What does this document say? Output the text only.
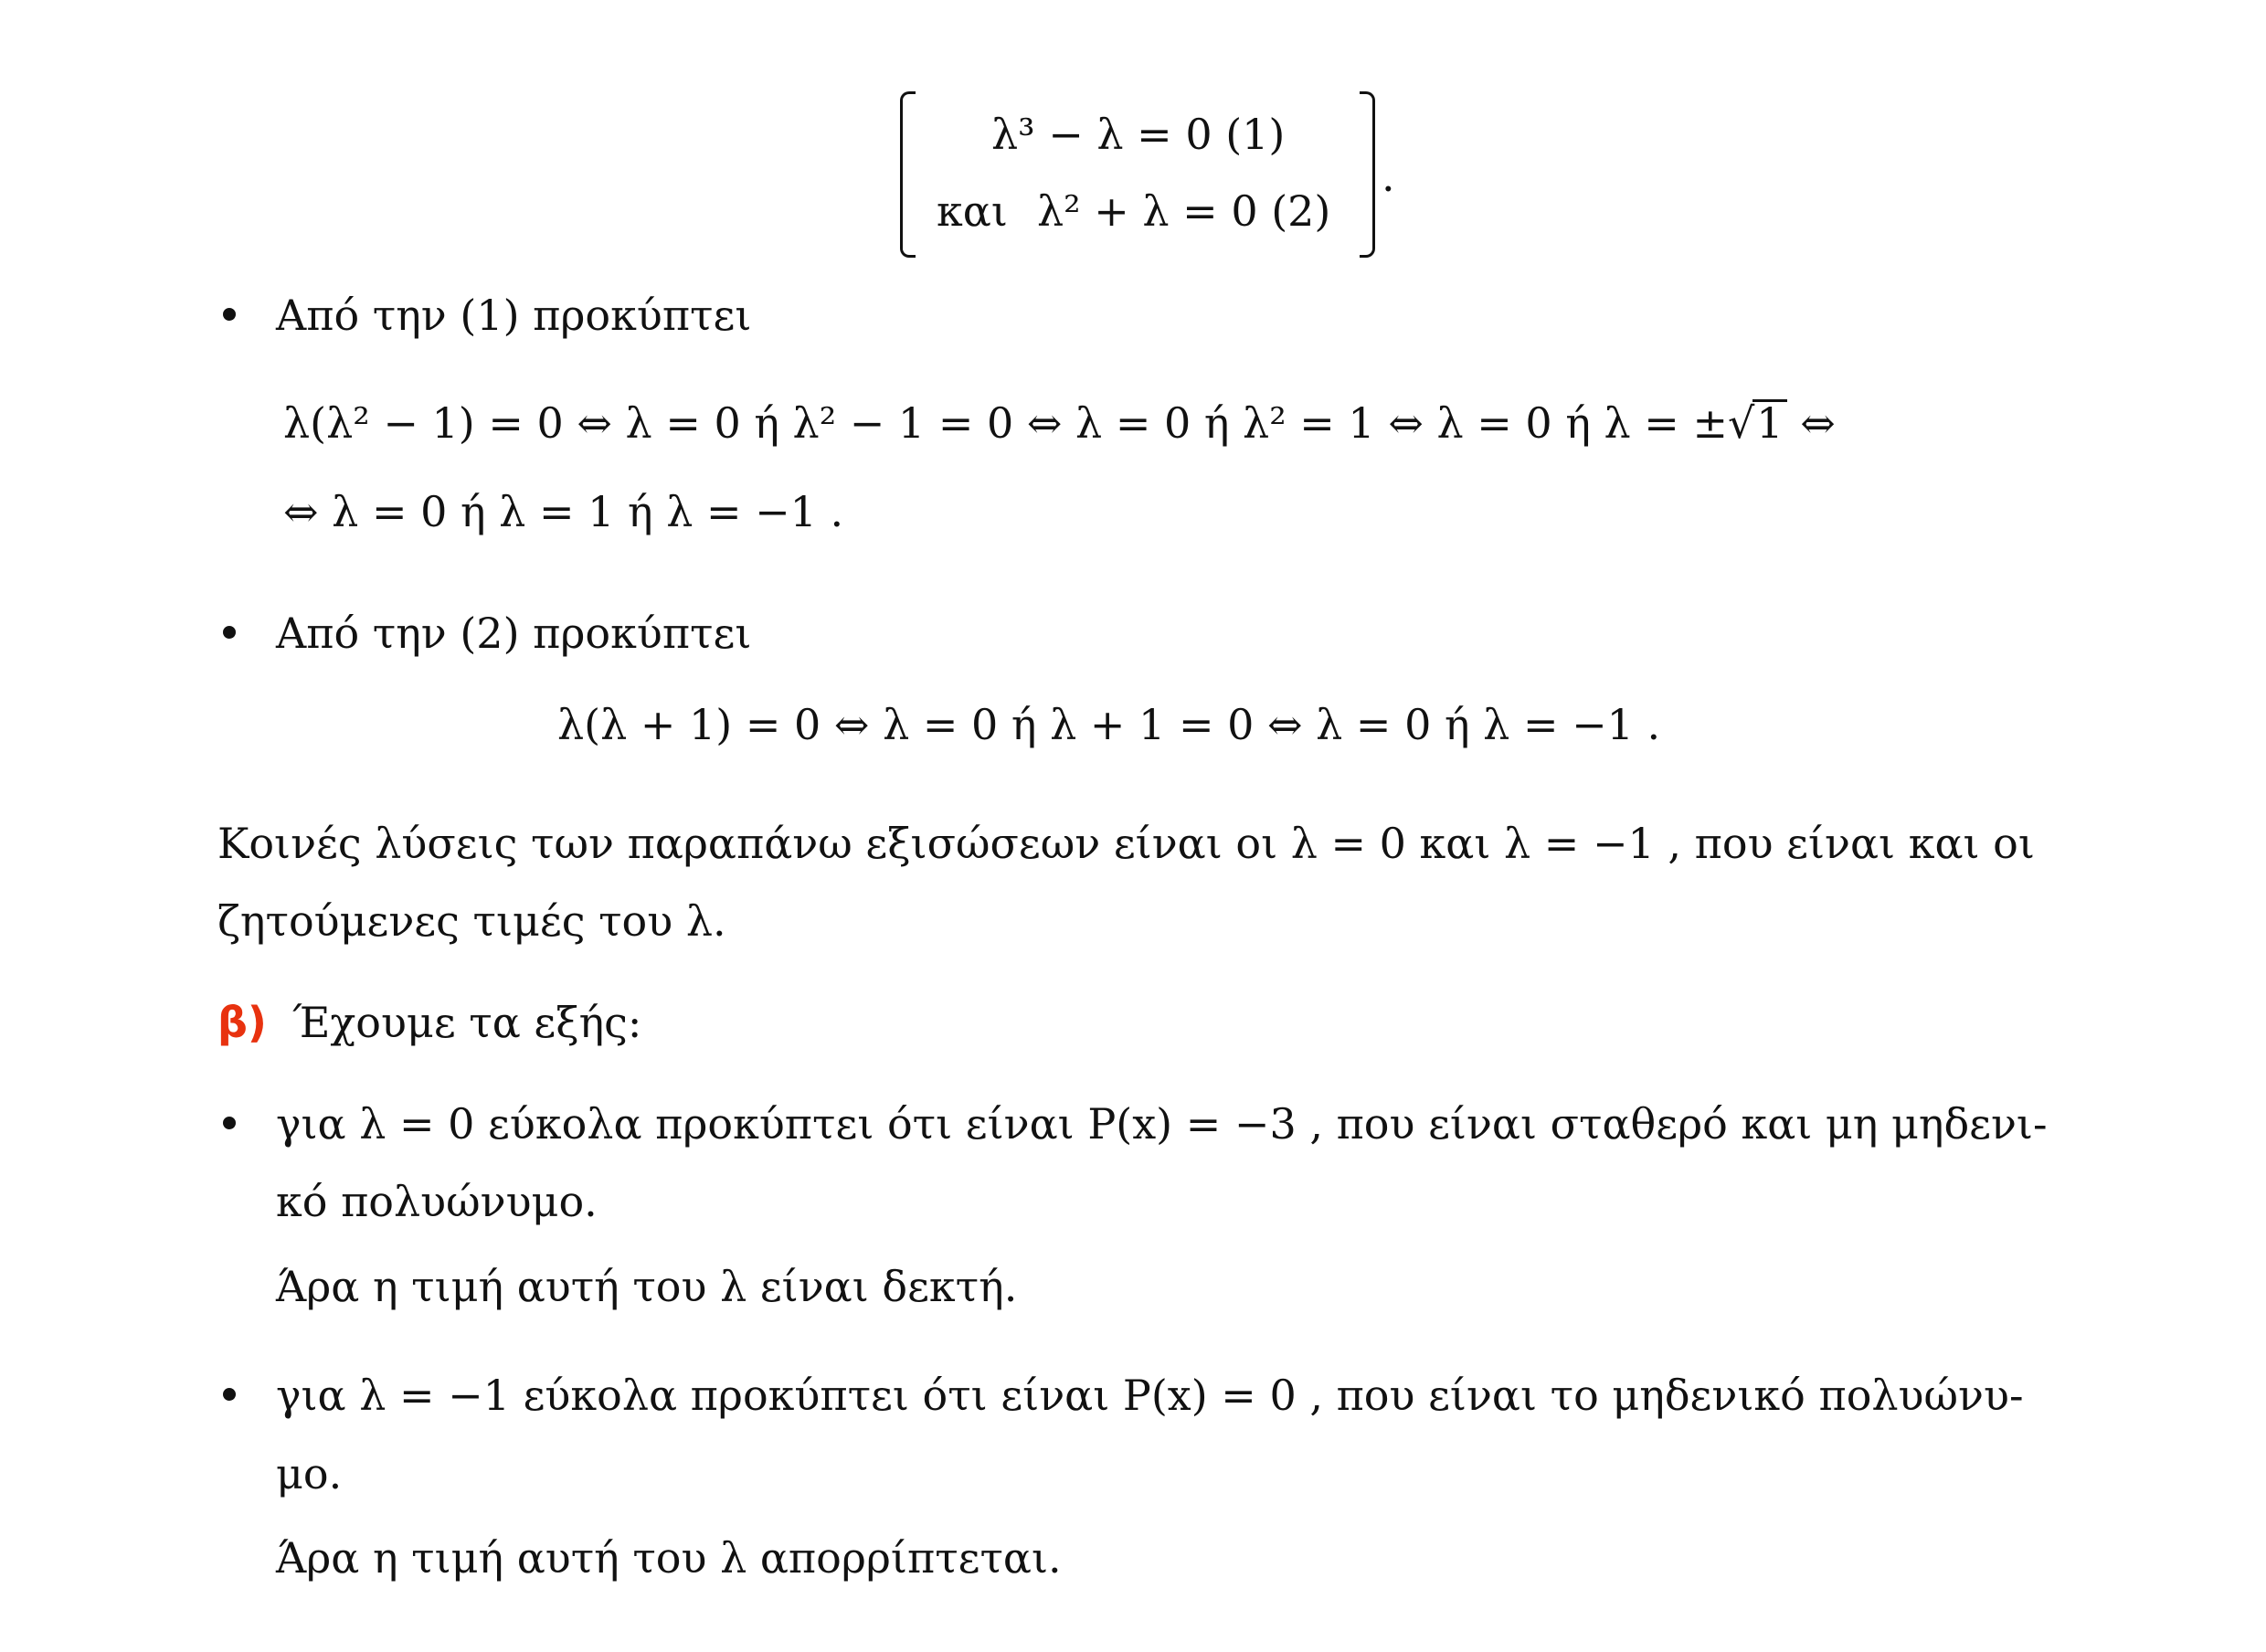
λ³ − λ = 0 (1)
και λ² + λ = 0 (2)
.
Από την (1) προκύπτει
λ(λ² − 1) = 0 ⇔ λ = 0 ή λ² − 1 = 0 ⇔ λ = 0 ή λ² = 1 ⇔ λ = 0 ή λ = ±√1 ⇔
⇔ λ = 0 ή λ = 1 ή λ = −1 .
Από την (2) προκύπτει
λ(λ + 1) = 0 ⇔ λ = 0 ή λ + 1 = 0 ⇔ λ = 0 ή λ = −1 .
Κοινές λύσεις των παραπάνω εξισώσεων είναι οι λ = 0 και λ = −1 , που είναι και οι
ζητούμενες τιμές του λ.
β) Έχουμε τα εξής:
για λ = 0 εύκολα προκύπτει ότι είναι P(x) = −3 , που είναι σταθερό και μη μηδενι-
κό πολυώνυμο.
Άρα η τιμή αυτή του λ είναι δεκτή.
για λ = −1 εύκολα προκύπτει ότι είναι P(x) = 0 , που είναι το μηδενικό πολυώνυ-
μο.
Άρα η τιμή αυτή του λ απορρίπτεται.
